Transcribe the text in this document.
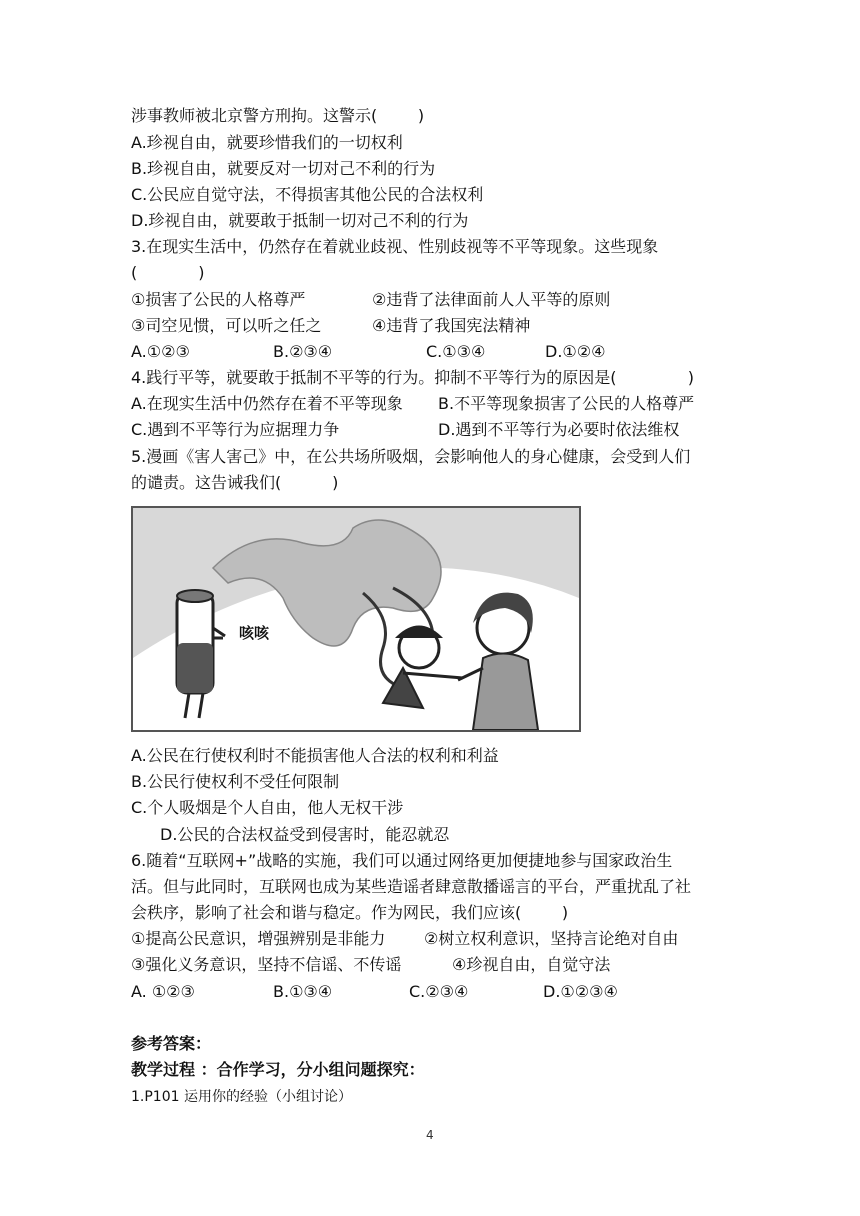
涉事教师被北京警方刑拘。这警示(        )
A.珍视自由，就要珍惜我们的一切权利
B.珍视自由，就要反对一切对己不利的行为
C.公民应自觉守法，不得损害其他公民的合法权利
D.珍视自由，就要敢于抵制一切对己不利的行为
3.在现实生活中，仍然存在着就业歧视、性别歧视等不平等现象。这些现象
(            )
①损害了公民的人格尊严	②违背了法律面前人人平等的原则
③司空见惯，可以听之任之	④违背了我国宪法精神
A.①②③	B.②③④	C.①③④	D.①②④
4.践行平等，就要敢于抵制不平等的行为。抑制不平等行为的原因是(              )
A.在现实生活中仍然存在着不平等现象 B.不平等现象损害了公民的人格尊严
C.遇到不平等行为应据理力争	D.遇到不平等行为必要时依法维权
5.漫画《害人害己》中，在公共场所吸烟，会影响他人的身心健康，会受到人们
的谴责。这告诫我们(          )
咳咳
A.公民在行使权利时不能损害他人合法的权利和利益
B.公民行使权利不受任何限制
C.个人吸烟是个人自由，他人无权干涉
D.公民的合法权益受到侵害时，能忍就忍
6.随着“互联网+”战略的实施，我们可以通过网络更加便捷地参与国家政治生
活。但与此同时，互联网也成为某些造谣者肆意散播谣言的平台，严重扰乱了社
会秩序，影响了社会和谐与稳定。作为网民，我们应该(        )
①提高公民意识，增强辨别是非能力 ②树立权利意识，坚持言论绝对自由
③强化义务意识，坚持不信谣、不传谣	④珍视自由，自觉守法
A. ①②③	B.①③④	C.②③④	D.①②③④
参考答案：
教学过程 ：合作学习，分小组问题探究：
1.P101 运用你的经验（小组讨论）
4
